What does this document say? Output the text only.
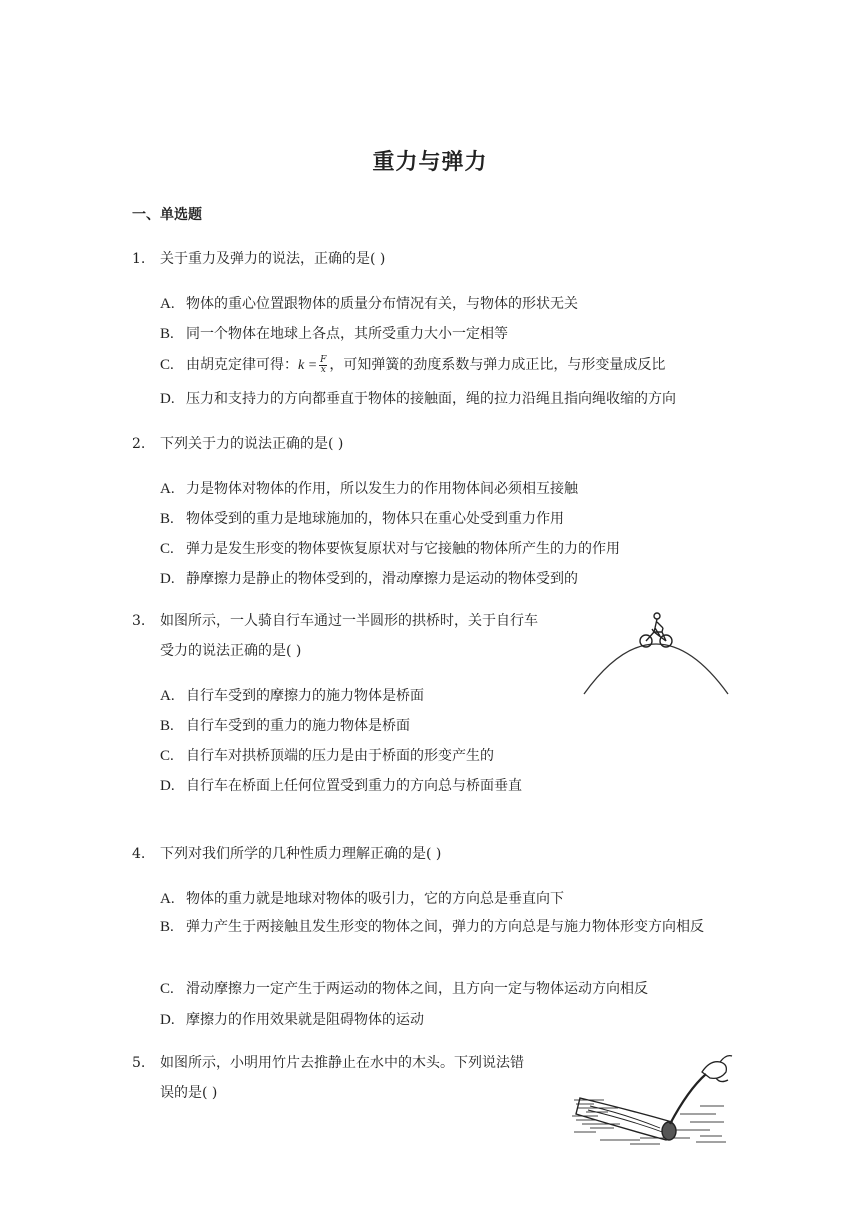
重力与弹力
一、单选题
1. 关于重力及弹力的说法，正确的是( )
A. 物体的重心位置跟物体的质量分布情况有关，与物体的形状无关
B. 同一个物体在地球上各点，其所受重力大小一定相等
C. 由胡克定律可得：$k = \frac{F}{x}$ ，可知弹簧的劲度系数与弹力成正比，与形变量成反比
D. 压力和支持力的方向都垂直于物体的接触面，绳的拉力沿绳且指向绳收缩的方向
2. 下列关于力的说法正确的是( )
A. 力是物体对物体的作用，所以发生力的作用物体间必须相互接触
B. 物体受到的重力是地球施加的，物体只在重心处受到重力作用
C. 弹力是发生形变的物体要恢复原状对与它接触的物体所产生的力的作用
D. 静摩擦力是静止的物体受到的，滑动摩擦力是运动的物体受到的
3. 如图所示，一人骑自行车通过一半圆形的拱桥时，关于自行车
受力的说法正确的是( )
A. 自行车受到的摩擦力的施力物体是桥面
B. 自行车受到的重力的施力物体是桥面
C. 自行车对拱桥顶端的压力是由于桥面的形变产生的
D. 自行车在桥面上任何位置受到重力的方向总与桥面垂直
4. 下列对我们所学的几种性质力理解正确的是( )
A. 物体的重力就是地球对物体的吸引力，它的方向总是垂直向下
B. 弹力产生于两接触且发生形变的物体之间，弹力的方向总是与施力物体形变方向相反
C. 滑动摩擦力一定产生于两运动的物体之间，且方向一定与物体运动方向相反
D. 摩擦力的作用效果就是阻碍物体的运动
5. 如图所示，小明用竹片去推静止在水中的木头。下列说法错
误的是( )
